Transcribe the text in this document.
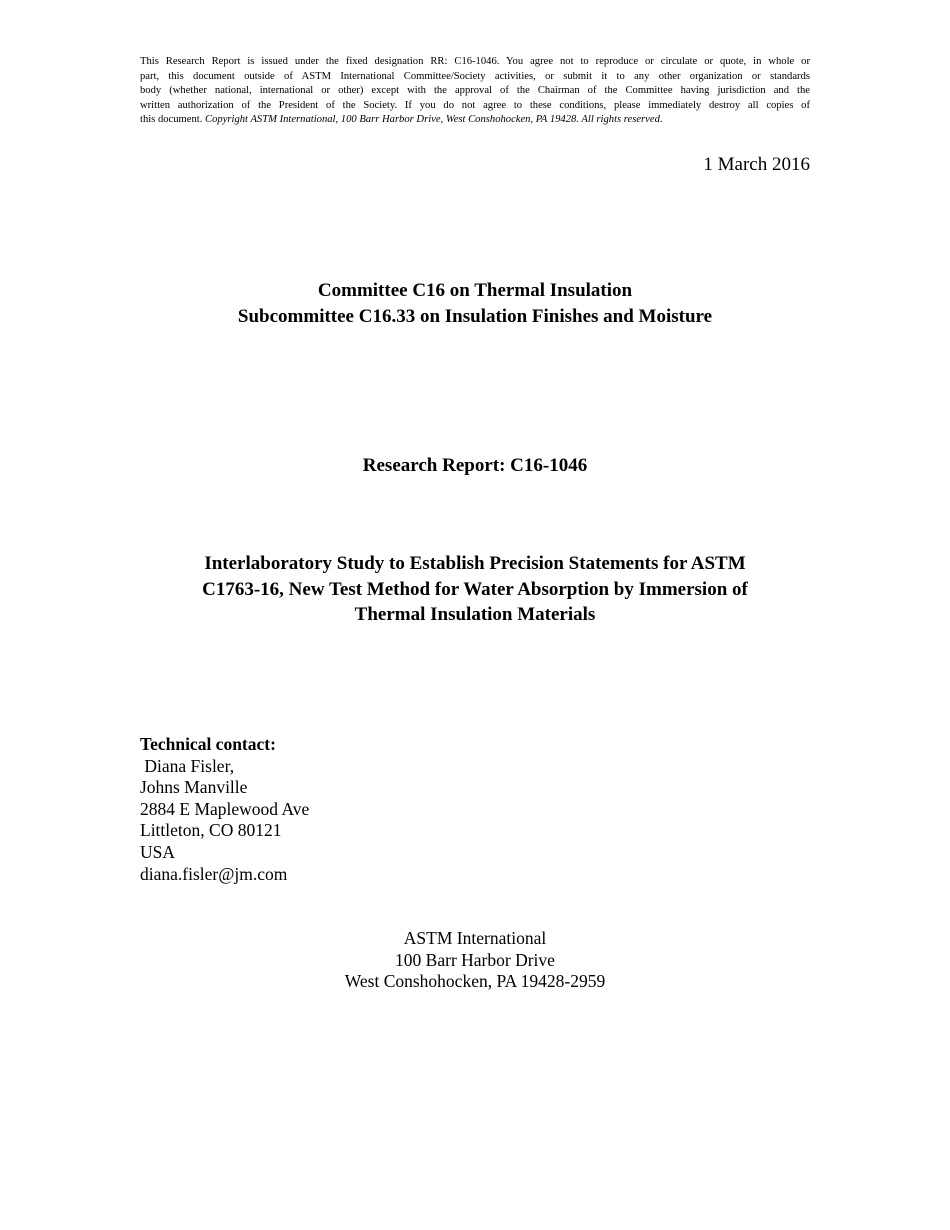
This Research Report is issued under the fixed designation RR: C16-1046. You agree not to reproduce or circulate or quote, in whole or
part, this document outside of ASTM International Committee/Society activities, or submit it to any other organization or standards
body (whether national, international or other) except with the approval of the Chairman of the Committee having jurisdiction and the
written authorization of the President of the Society. If you do not agree to these conditions, please immediately destroy all copies of
this document. Copyright ASTM International, 100 Barr Harbor Drive, West Conshohocken, PA 19428. All rights reserved.
1 March 2016
Committee C16 on Thermal Insulation
Subcommittee C16.33 on Insulation Finishes and Moisture
Research Report: C16-1046
Interlaboratory Study to Establish Precision Statements for ASTM
C1763-16, New Test Method for Water Absorption by Immersion of
Thermal Insulation Materials
Technical contact:
Diana Fisler,
Johns Manville
2884 E Maplewood Ave
Littleton, CO 80121
USA
diana.fisler@jm.com
ASTM International
100 Barr Harbor Drive
West Conshohocken, PA 19428-2959
